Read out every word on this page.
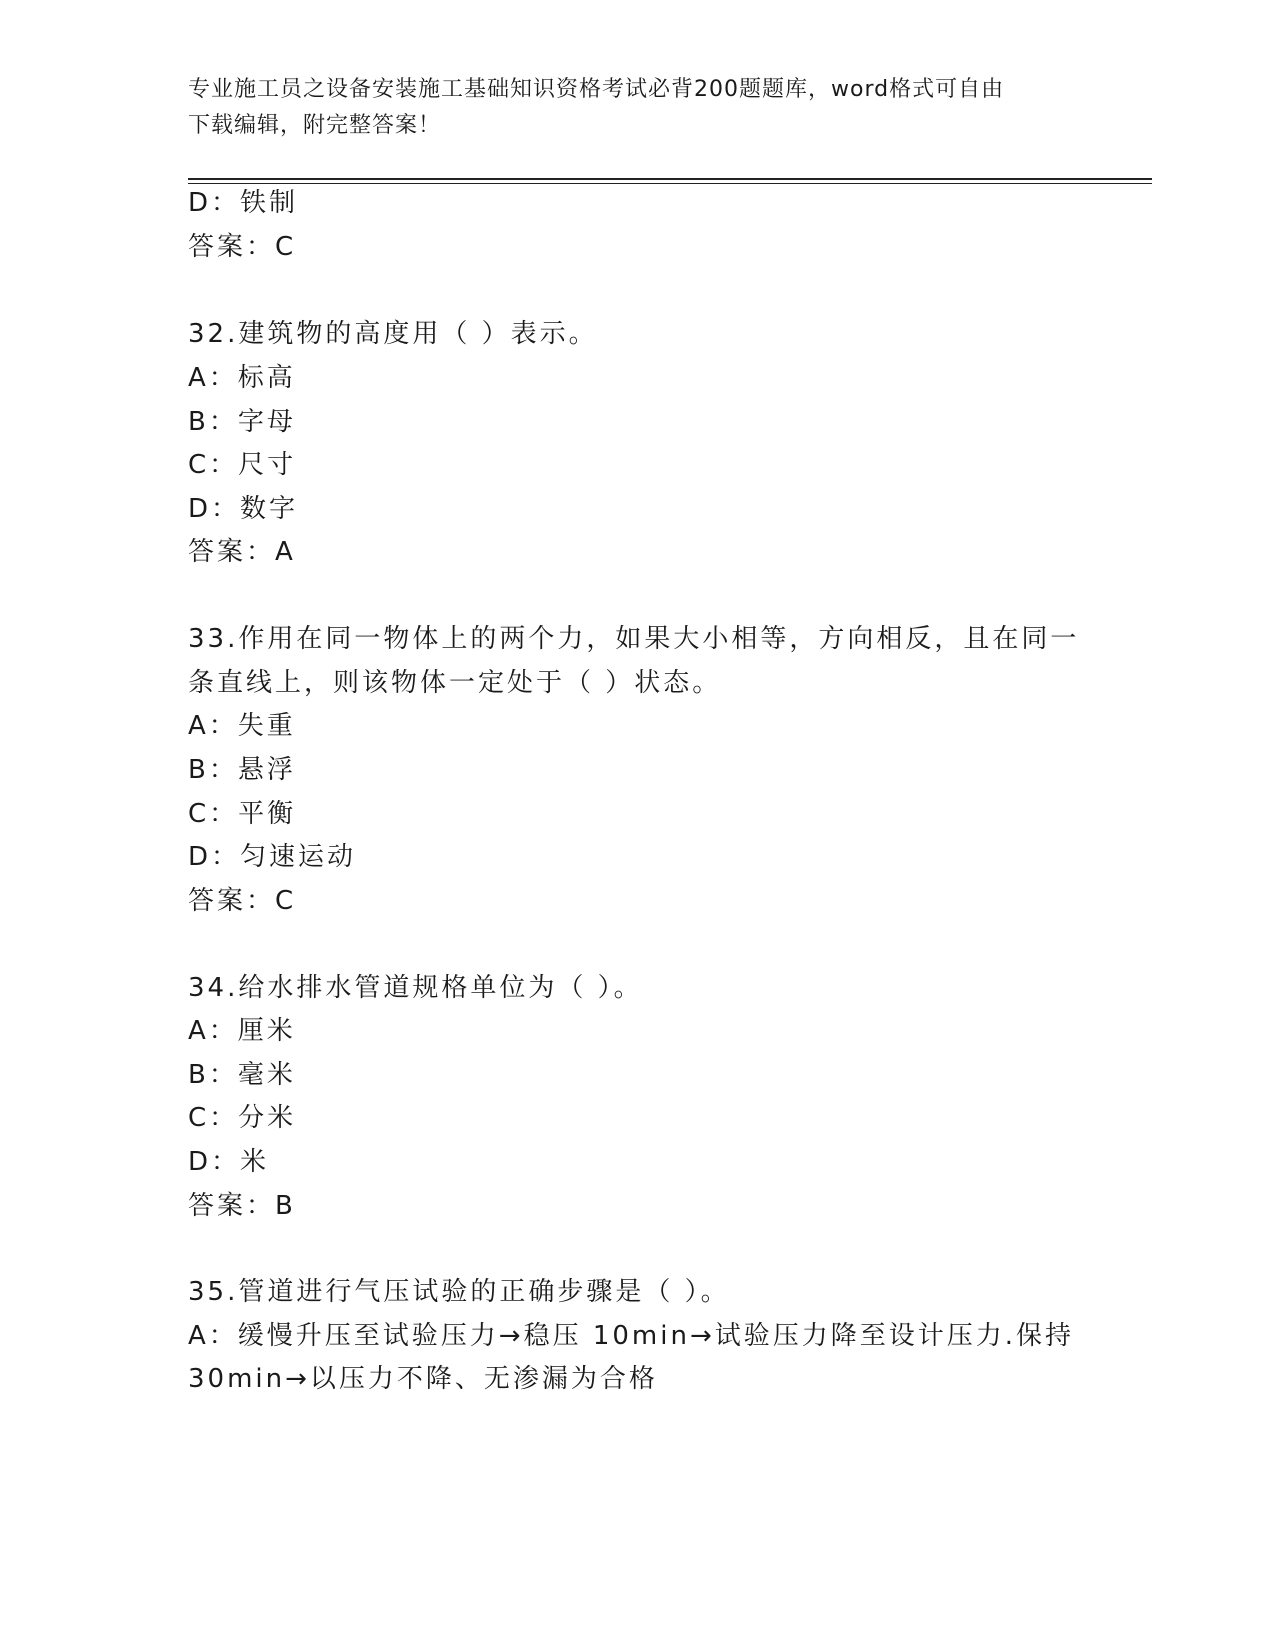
专业施工员之设备安装施工基础知识资格考试必背200题题库，word格式可自由
下载编辑，附完整答案！
D：铁制
答案：C
32.建筑物的高度用（ ）表示。
A：标高
B：字母
C：尺寸
D：数字
答案：A
33.作用在同一物体上的两个力，如果大小相等，方向相反，且在同一
条直线上，则该物体一定处于（ ）状态。
A：失重
B：悬浮
C：平衡
D：匀速运动
答案：C
34.给水排水管道规格单位为（ ）。
A：厘米
B：毫米
C：分米
D：米
答案：B
35.管道进行气压试验的正确步骤是（ ）。
A：缓慢升压至试验压力→稳压 10min→试验压力降至设计压力.保持
30min→以压力不降、无渗漏为合格
